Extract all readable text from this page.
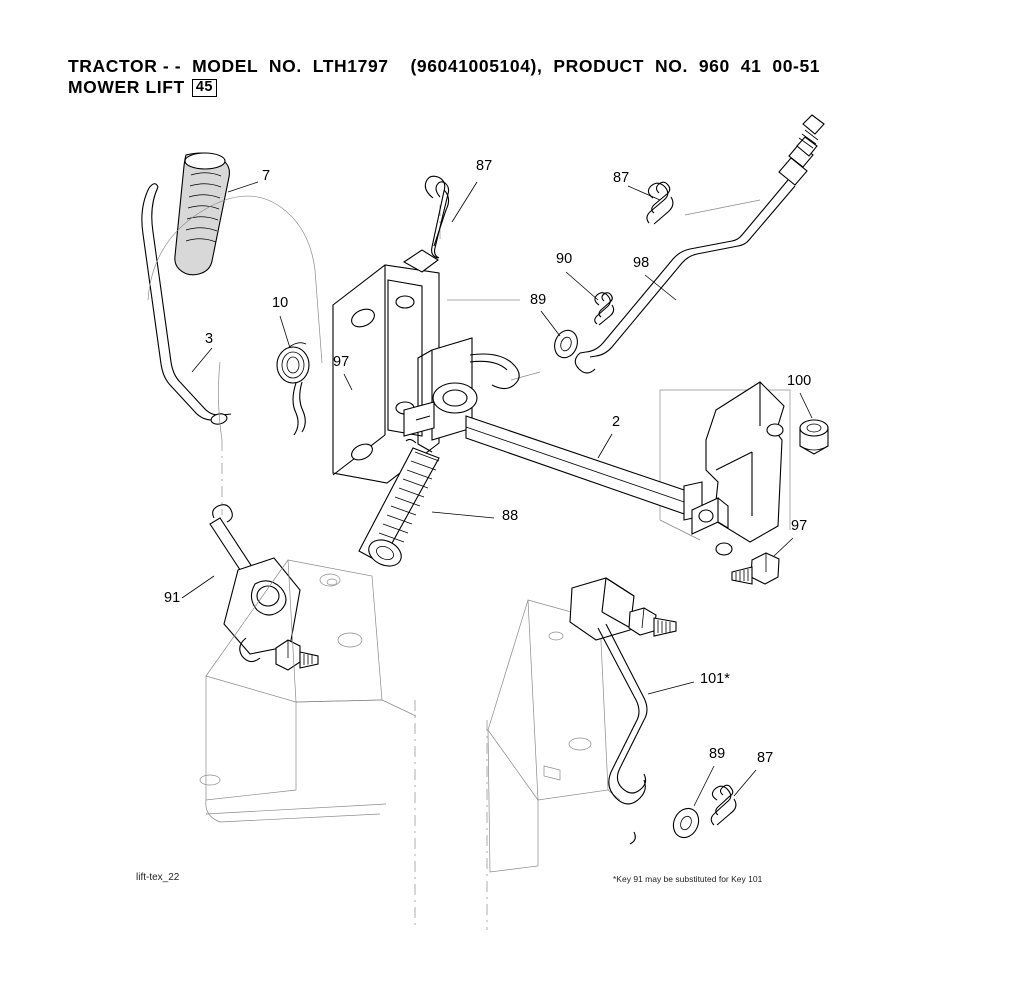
TRACTOR - -  MODEL  NO.  LTH1797    (96041005104),  PRODUCT  NO.  960  41  00-51
MOWER LIFT 45
7
87
87
10
90	98
89
3
97
100
2
88
97
91
101*
89 87
lift-tex_22	*Key 91 may be substituted for Key 101
